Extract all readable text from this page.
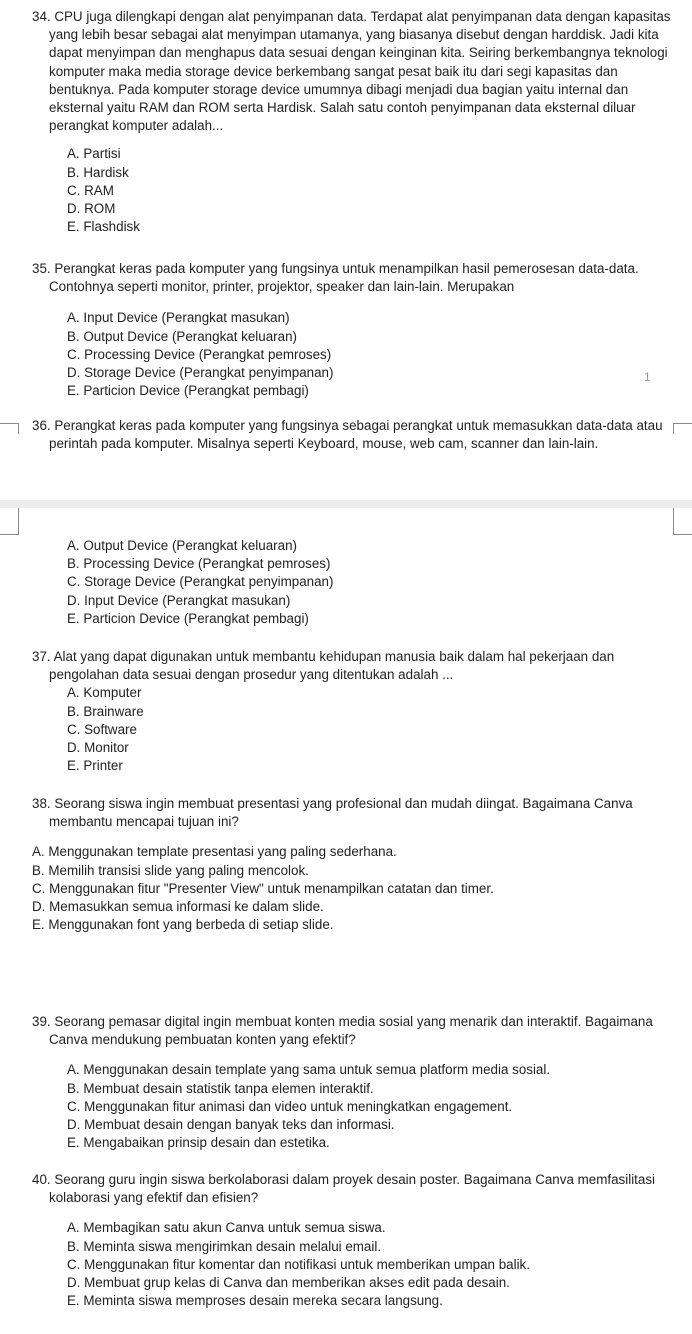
34. CPU juga dilengkapi dengan alat penyimpanan data. Terdapat alat penyimpanan data dengan kapasitas yang lebih besar sebagai alat menyimpan utamanya, yang biasanya disebut dengan harddisk. Jadi kita dapat menyimpan dan menghapus data sesuai dengan keinginan kita. Seiring berkembangnya teknologi komputer maka media storage device berkembang sangat pesat baik itu dari segi kapasitas dan bentuknya. Pada komputer storage device umumnya dibagi menjadi dua bagian yaitu internal dan eksternal yaitu RAM dan ROM serta Hardisk. Salah satu contoh penyimpanan data eksternal diluar perangkat komputer adalah...

A. Partisi
B. Hardisk
C. RAM
D. ROM
E. Flashdisk

35. Perangkat keras pada komputer yang fungsinya untuk menampilkan hasil pemerosesan data-data. Contohnya seperti monitor, printer, projektor, speaker dan lain-lain. Merupakan

A. Input Device (Perangkat masukan)
B. Output Device (Perangkat keluaran)
C. Processing Device (Perangkat pemroses)
D. Storage Device (Perangkat penyimpanan)
E. Particion Device (Perangkat pembagi)
1

36. Perangkat keras pada komputer yang fungsinya sebagai perangkat untuk memasukkan data-data atau perintah pada komputer. Misalnya seperti Keyboard, mouse, web cam, scanner dan lain-lain.

A. Output Device (Perangkat keluaran)
B. Processing Device (Perangkat pemroses)
C. Storage Device (Perangkat penyimpanan)
D. Input Device (Perangkat masukan)
E. Particion Device (Perangkat pembagi)

37. Alat yang dapat digunakan untuk membantu kehidupan manusia baik dalam hal pekerjaan dan pengolahan data sesuai dengan prosedur yang ditentukan adalah ...

A. Komputer
B. Brainware
C. Software
D. Monitor
E. Printer

38. Seorang siswa ingin membuat presentasi yang profesional dan mudah diingat. Bagaimana Canva membantu mencapai tujuan ini?

A. Menggunakan template presentasi yang paling sederhana.
B. Memilih transisi slide yang paling mencolok.
C. Menggunakan fitur "Presenter View" untuk menampilkan catatan dan timer.
D. Memasukkan semua informasi ke dalam slide.
E. Menggunakan font yang berbeda di setiap slide.

39. Seorang pemasar digital ingin membuat konten media sosial yang menarik dan interaktif. Bagaimana Canva mendukung pembuatan konten yang efektif?

A. Menggunakan desain template yang sama untuk semua platform media sosial.
B. Membuat desain statistik tanpa elemen interaktif.
C. Menggunakan fitur animasi dan video untuk meningkatkan engagement.
D. Membuat desain dengan banyak teks dan informasi.
E. Mengabaikan prinsip desain dan estetika.

40. Seorang guru ingin siswa berkolaborasi dalam proyek desain poster. Bagaimana Canva memfasilitasi kolaborasi yang efektif dan efisien?

A. Membagikan satu akun Canva untuk semua siswa.
B. Meminta siswa mengirimkan desain melalui email.
C. Menggunakan fitur komentar dan notifikasi untuk memberikan umpan balik.
D. Membuat grup kelas di Canva dan memberikan akses edit pada desain.
E. Meminta siswa memproses desain mereka secara langsung.
